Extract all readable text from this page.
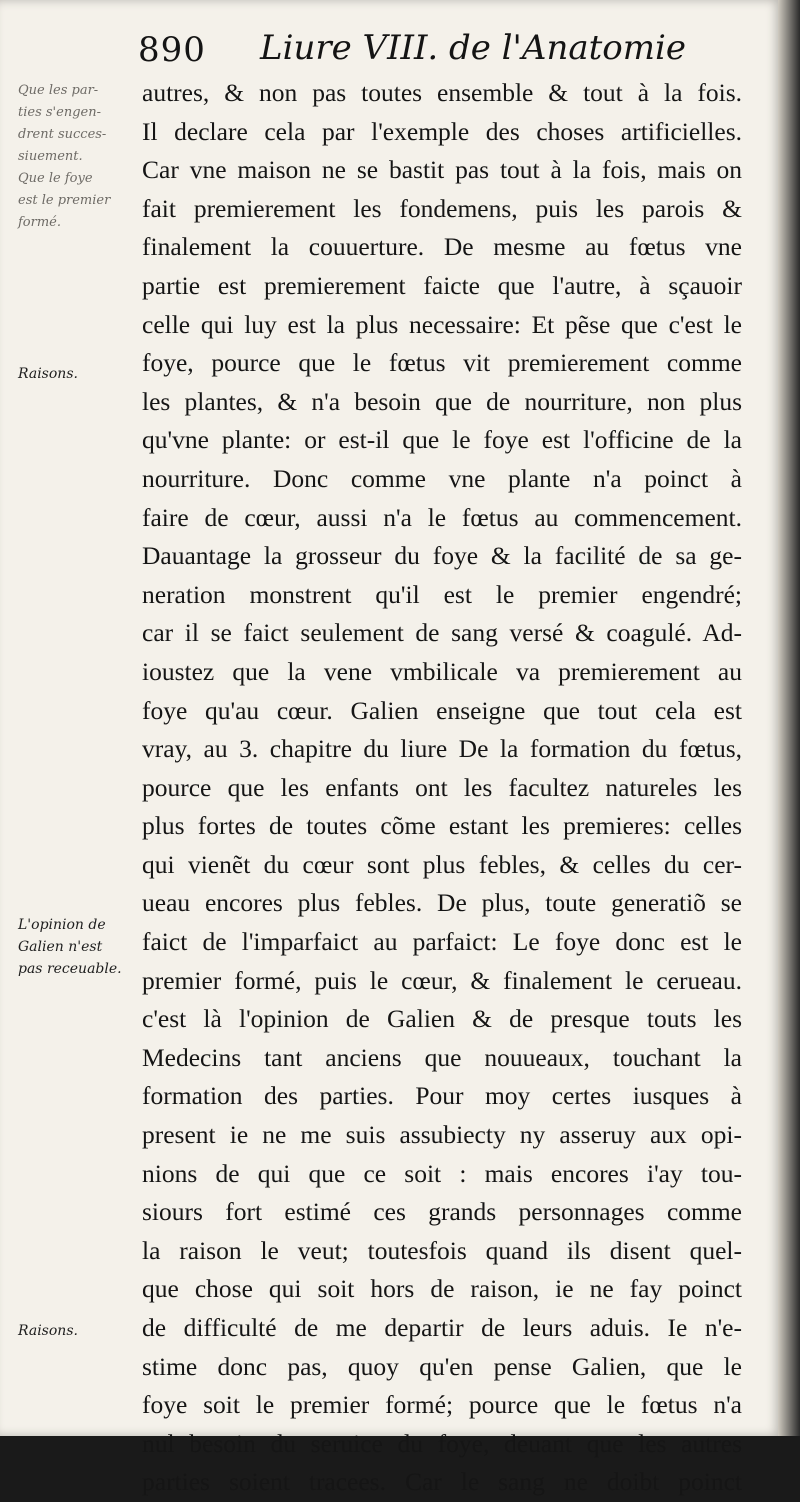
890 Liure VIII. de l'Anatomie
Que les par-
ties s'engen-
drent succes-
siuement.
Que le foye
est le premier
formé.
Raisons.
L'opinion de
Galien n'est
pas receuable.
Raisons.
autres, & non pas toutes ensemble & tout à la fois.
Il declare cela par l'exemple des choses artificielles.
Car vne maison ne se bastit pas tout à la fois, mais on
fait premierement les fondemens, puis les parois &
finalement la couuerture. De mesme au fœtus vne
partie est premierement faicte que l'autre, à sçauoir
celle qui luy est la plus necessaire: Et pẽse que c'est le
foye, pource que le fœtus vit premierement comme
les plantes, & n'a besoin que de nourriture, non plus
qu'vne plante: or est-il que le foye est l'officine de la
nourriture. Donc comme vne plante n'a poinct à
faire de cœur, aussi n'a le fœtus au commencement.
Dauantage la grosseur du foye & la facilité de sa ge-
neration monstrent qu'il est le premier engendré;
car il se faict seulement de sang versé & coagulé. Ad-
ioustez que la vene vmbilicale va premierement au
foye qu'au cœur. Galien enseigne que tout cela est
vray, au 3. chapitre du liure De la formation du fœtus,
pource que les enfants ont les facultez natureles les
plus fortes de toutes cõme estant les premieres: celles
qui vienẽt du cœur sont plus febles, & celles du cer-
ueau encores plus febles. De plus, toute generatiõ se
faict de l'imparfaict au parfaict: Le foye donc est le
premier formé, puis le cœur, & finalement le cerueau.
c'est là l'opinion de Galien & de presque touts les
Medecins tant anciens que nouueaux, touchant la
formation des parties. Pour moy certes iusques à
present ie ne me suis assubiecty ny asseruy aux opi-
nions de qui que ce soit : mais encores i'ay tou-
siours fort estimé ces grands personnages comme
la raison le veut; toutesfois quand ils disent quel-
que chose qui soit hors de raison, ie ne fay poinct
de difficulté de me departir de leurs aduis. Ie n'e-
stime donc pas, quoy qu'en pense Galien, que le
foye soit le premier formé; pource que le fœtus n'a
nul besoin du seruice du foye, deuant que les autres
parties soient tracees. Car le sang ne doibt poinct
